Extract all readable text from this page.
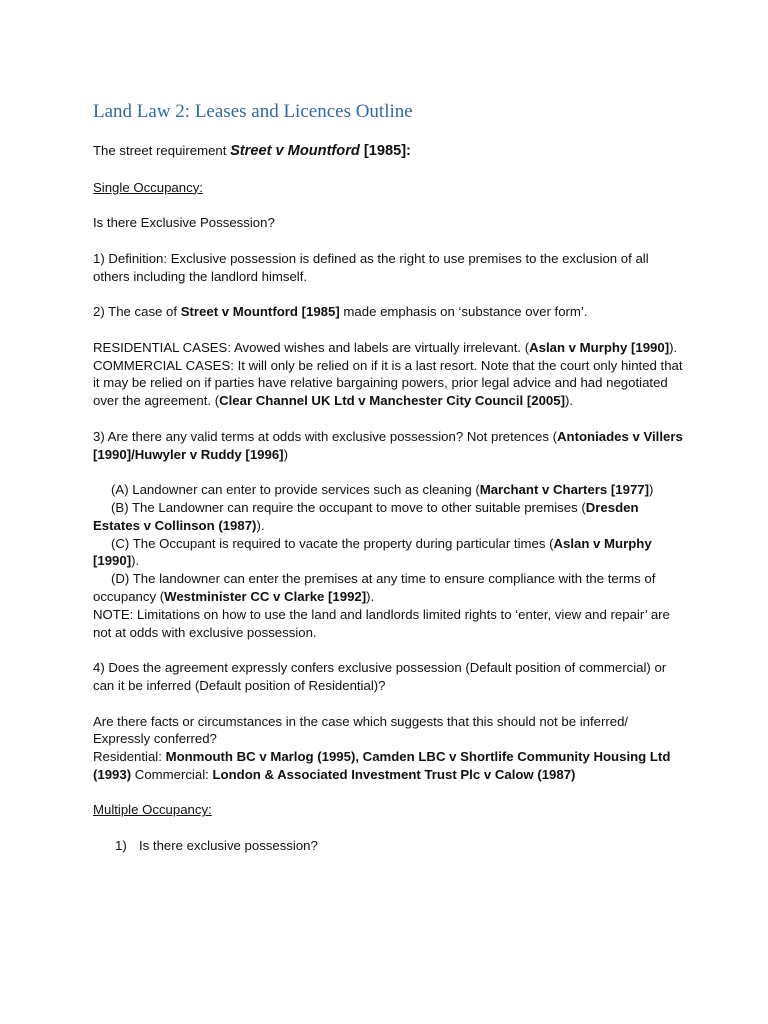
Land Law 2: Leases and Licences Outline

The street requirement Street v Mountford [1985]:

Single Occupancy:

Is there Exclusive Possession?

1) Definition: Exclusive possession is defined as the right to use premises to the exclusion of all others including the landlord himself.

2) The case of Street v Mountford [1985] made emphasis on ‘substance over form’.

RESIDENTIAL CASES: Avowed wishes and labels are virtually irrelevant. (Aslan v Murphy [1990]).

COMMERCIAL CASES: It will only be relied on if it is a last resort. Note that the court only hinted that it may be relied on if parties have relative bargaining powers, prior legal advice and had negotiated over the agreement. (Clear Channel UK Ltd v Manchester City Council [2005]).

3) Are there any valid terms at odds with exclusive possession? Not pretences (Antoniades v Villers [1990]/Huwyler v Ruddy [1996])

(A) Landowner can enter to provide services such as cleaning (Marchant v Charters [1977])

(B) The Landowner can require the occupant to move to other suitable premises (Dresden Estates v Collinson (1987)).

(C) The Occupant is required to vacate the property during particular times (Aslan v Murphy [1990]).

(D) The landowner can enter the premises at any time to ensure compliance with the terms of occupancy (Westminister CC v Clarke [1992]).

NOTE: Limitations on how to use the land and landlords limited rights to ‘enter, view and repair’ are not at odds with exclusive possession.

4) Does the agreement expressly confers exclusive possession (Default position of commercial) or can it be inferred (Default position of Residential)?

Are there facts or circumstances in the case which suggests that this should not be inferred/ Expressly conferred?

Residential: Monmouth BC v Marlog (1995), Camden LBC v Shortlife Community Housing Ltd (1993) Commercial: London & Associated Investment Trust Plc v Calow (1987)

Multiple Occupancy:

1) Is there exclusive possession?
